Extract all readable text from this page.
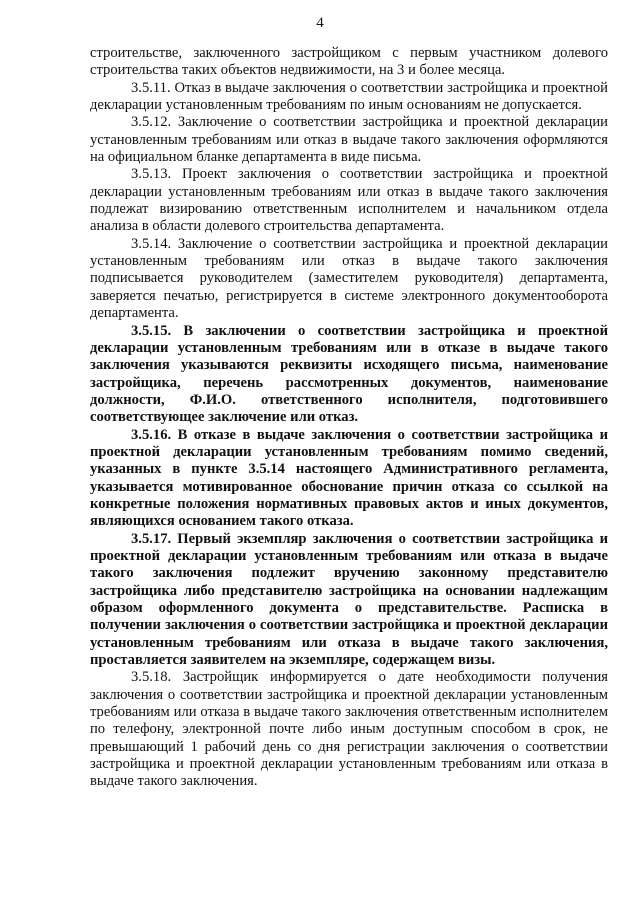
4

строительстве, заключенного застройщиком с первым участником долевого строительства таких объектов недвижимости, на 3 и более месяца.

3.5.11. Отказ в выдаче заключения о соответствии застройщика и проектной декларации установленным требованиям по иным основаниям не допускается.

3.5.12. Заключение о соответствии застройщика и проектной декларации установленным требованиям или отказ в выдаче такого заключения оформляются на официальном бланке департамента в виде письма.

3.5.13. Проект заключения о соответствии застройщика и проектной декларации установленным требованиям или отказ в выдаче такого заключения подлежат визированию ответственным исполнителем и начальником отдела анализа в области долевого строительства департамента.

3.5.14. Заключение о соответствии застройщика и проектной декларации установленным требованиям или отказ в выдаче такого заключения подписывается руководителем (заместителем руководителя) департамента, заверяется печатью, регистрируется в системе электронного документооборота департамента.

3.5.15. В заключении о соответствии застройщика и проектной декларации установленным требованиям или в отказе в выдаче такого заключения указываются реквизиты исходящего письма, наименование застройщика, перечень рассмотренных документов, наименование должности, Ф.И.О. ответственного исполнителя, подготовившего соответствующее заключение или отказ.

3.5.16. В отказе в выдаче заключения о соответствии застройщика и проектной декларации установленным требованиям помимо сведений, указанных в пункте 3.5.14 настоящего Административного регламента, указывается мотивированное обоснование причин отказа со ссылкой на конкретные положения нормативных правовых актов и иных документов, являющихся основанием такого отказа.

3.5.17. Первый экземпляр заключения о соответствии застройщика и проектной декларации установленным требованиям или отказа в выдаче такого заключения подлежит вручению законному представителю застройщика либо представителю застройщика на основании надлежащим образом оформленного документа о представительстве. Расписка в получении заключения о соответствии застройщика и проектной декларации установленным требованиям или отказа в выдаче такого заключения, проставляется заявителем на экземпляре, содержащем визы.

3.5.18. Застройщик информируется о дате необходимости получения заключения о соответствии застройщика и проектной декларации установленным требованиям или отказа в выдаче такого заключения ответственным исполнителем по телефону, электронной почте либо иным доступным способом в срок, не превышающий 1 рабочий день со дня регистрации заключения о соответствии застройщика и проектной декларации установленным требованиям или отказа в выдаче такого заключения.
